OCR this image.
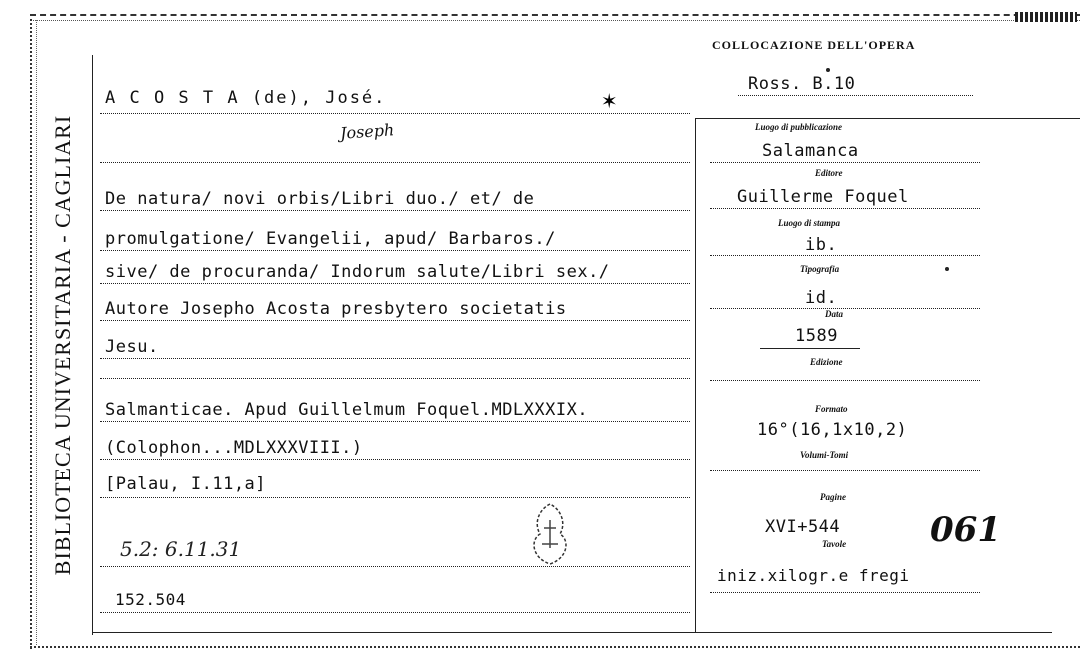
BIBLIOTECA UNIVERSITARIA - CAGLIARI
COLLOCAZIONE DELL'OPERA
Ross. B.10
A C O S T A (de), José.	✶
Joseph
De natura/ novi orbis/Libri duo./ et/ de
promulgatione/ Evangelii, apud/ Barbaros./
sive/ de procuranda/ Indorum salute/Libri sex./
Autore Josepho Acosta presbytero societatis
Jesu.
Salmanticae. Apud Guillelmum Foquel.MDLXXXIX.
(Colophon...MDLXXXVIII.)
[Palau, I.11,a]
5.2: 6.11.31
152.504
Luogo di pubblicazione
Salamanca
Editore
Guillerme Foquel
Luogo di stampa
ib.
Tipografia
id.
Data
1589
Edizione
Formato
16°(16,1x10,2)
Volumi-Tomi
Pagine
XVI+544
Tavole 061
iniz.xilogr.e fregi
